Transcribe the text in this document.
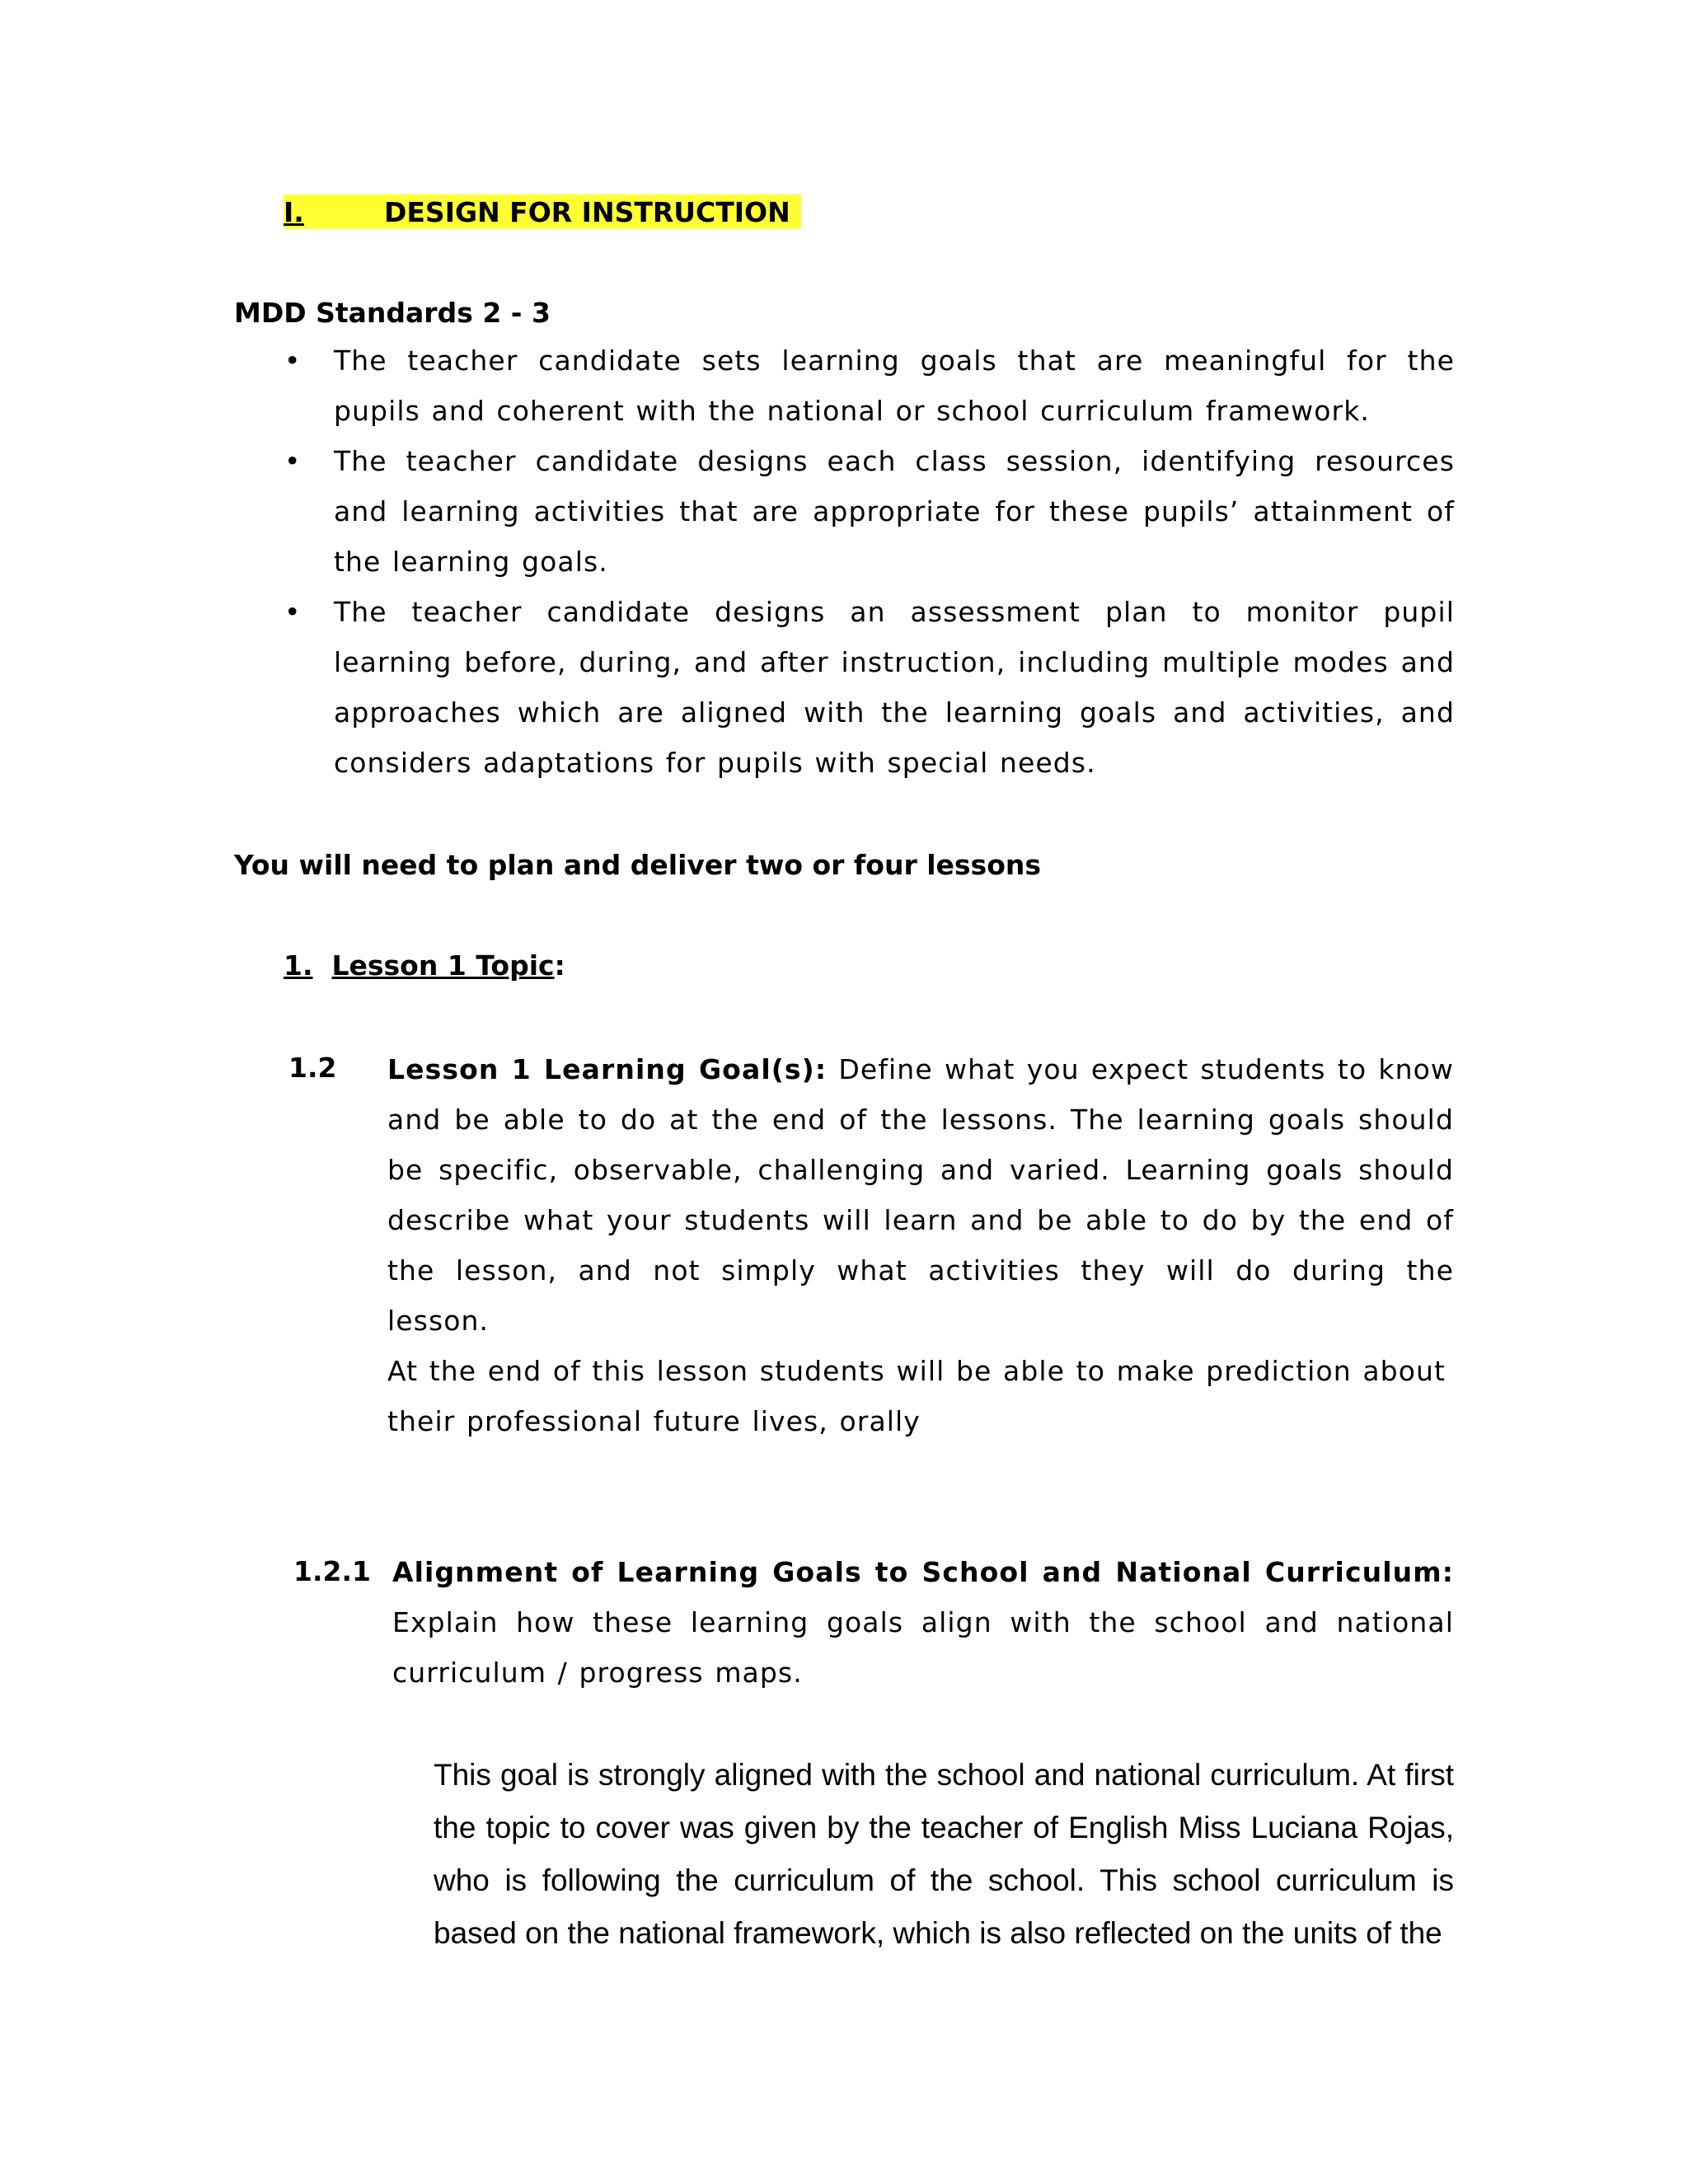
I.	DESIGN FOR INSTRUCTION
MDD Standards 2 - 3
• The teacher candidate sets learning goals that are meaningful for the pupils and coherent with the national or school curriculum framework.
• The teacher candidate designs each class session, identifying resources and learning activities that are appropriate for these pupils’ attainment of the learning goals.
• The teacher candidate designs an assessment plan to monitor pupil learning before, during, and after instruction, including multiple modes and approaches which are aligned with the learning goals and activities, and considers adaptations for pupils with special needs.
You will need to plan and deliver two or four lessons
1. Lesson 1 Topic:
1.2 Lesson 1 Learning Goal(s): Define what you expect students to know and be able to do at the end of the lessons. The learning goals should be specific, observable, challenging and varied. Learning goals should describe what your students will learn and be able to do by the end of the lesson, and not simply what activities they will do during the lesson.
At the end of this lesson students will be able to make prediction about their professional future lives, orally
1.2.1 Alignment of Learning Goals to School and National Curriculum:
Explain how these learning goals align with the school and national curriculum / progress maps.
This goal is strongly aligned with the school and national curriculum. At first the topic to cover was given by the teacher of English Miss Luciana Rojas, who is following the curriculum of the school. This school curriculum is based on the national framework, which is also reflected on the units of the
